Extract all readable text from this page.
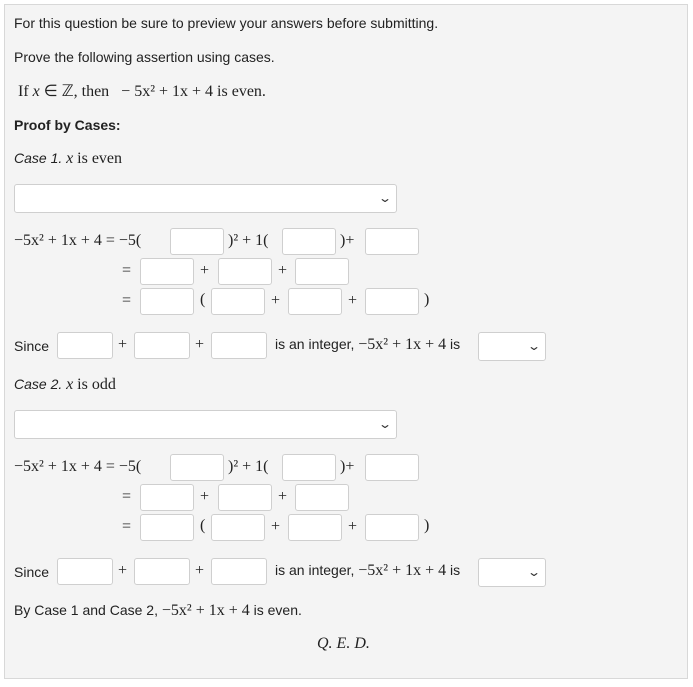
For this question be sure to preview your answers before submitting.
Prove the following assertion using cases.
If x ∈ ℤ, then − 5x² + 1x + 4 is even.
Proof by Cases:
Case 1. x is even
⌄
−5x² + 1x + 4 = −5(	)² + 1(	)+
=	+	+
=	(	+	+	)
Since	+	+	is an integer, −5x² + 1x + 4 is	⌄
Case 2. x is odd
⌄
−5x² + 1x + 4 = −5(	)² + 1(	)+
=	+	+
=	(	+	+	)
Since	+	+	is an integer, −5x² + 1x + 4 is	⌄
By Case 1 and Case 2, −5x² + 1x + 4 is even.
Q. E. D.
